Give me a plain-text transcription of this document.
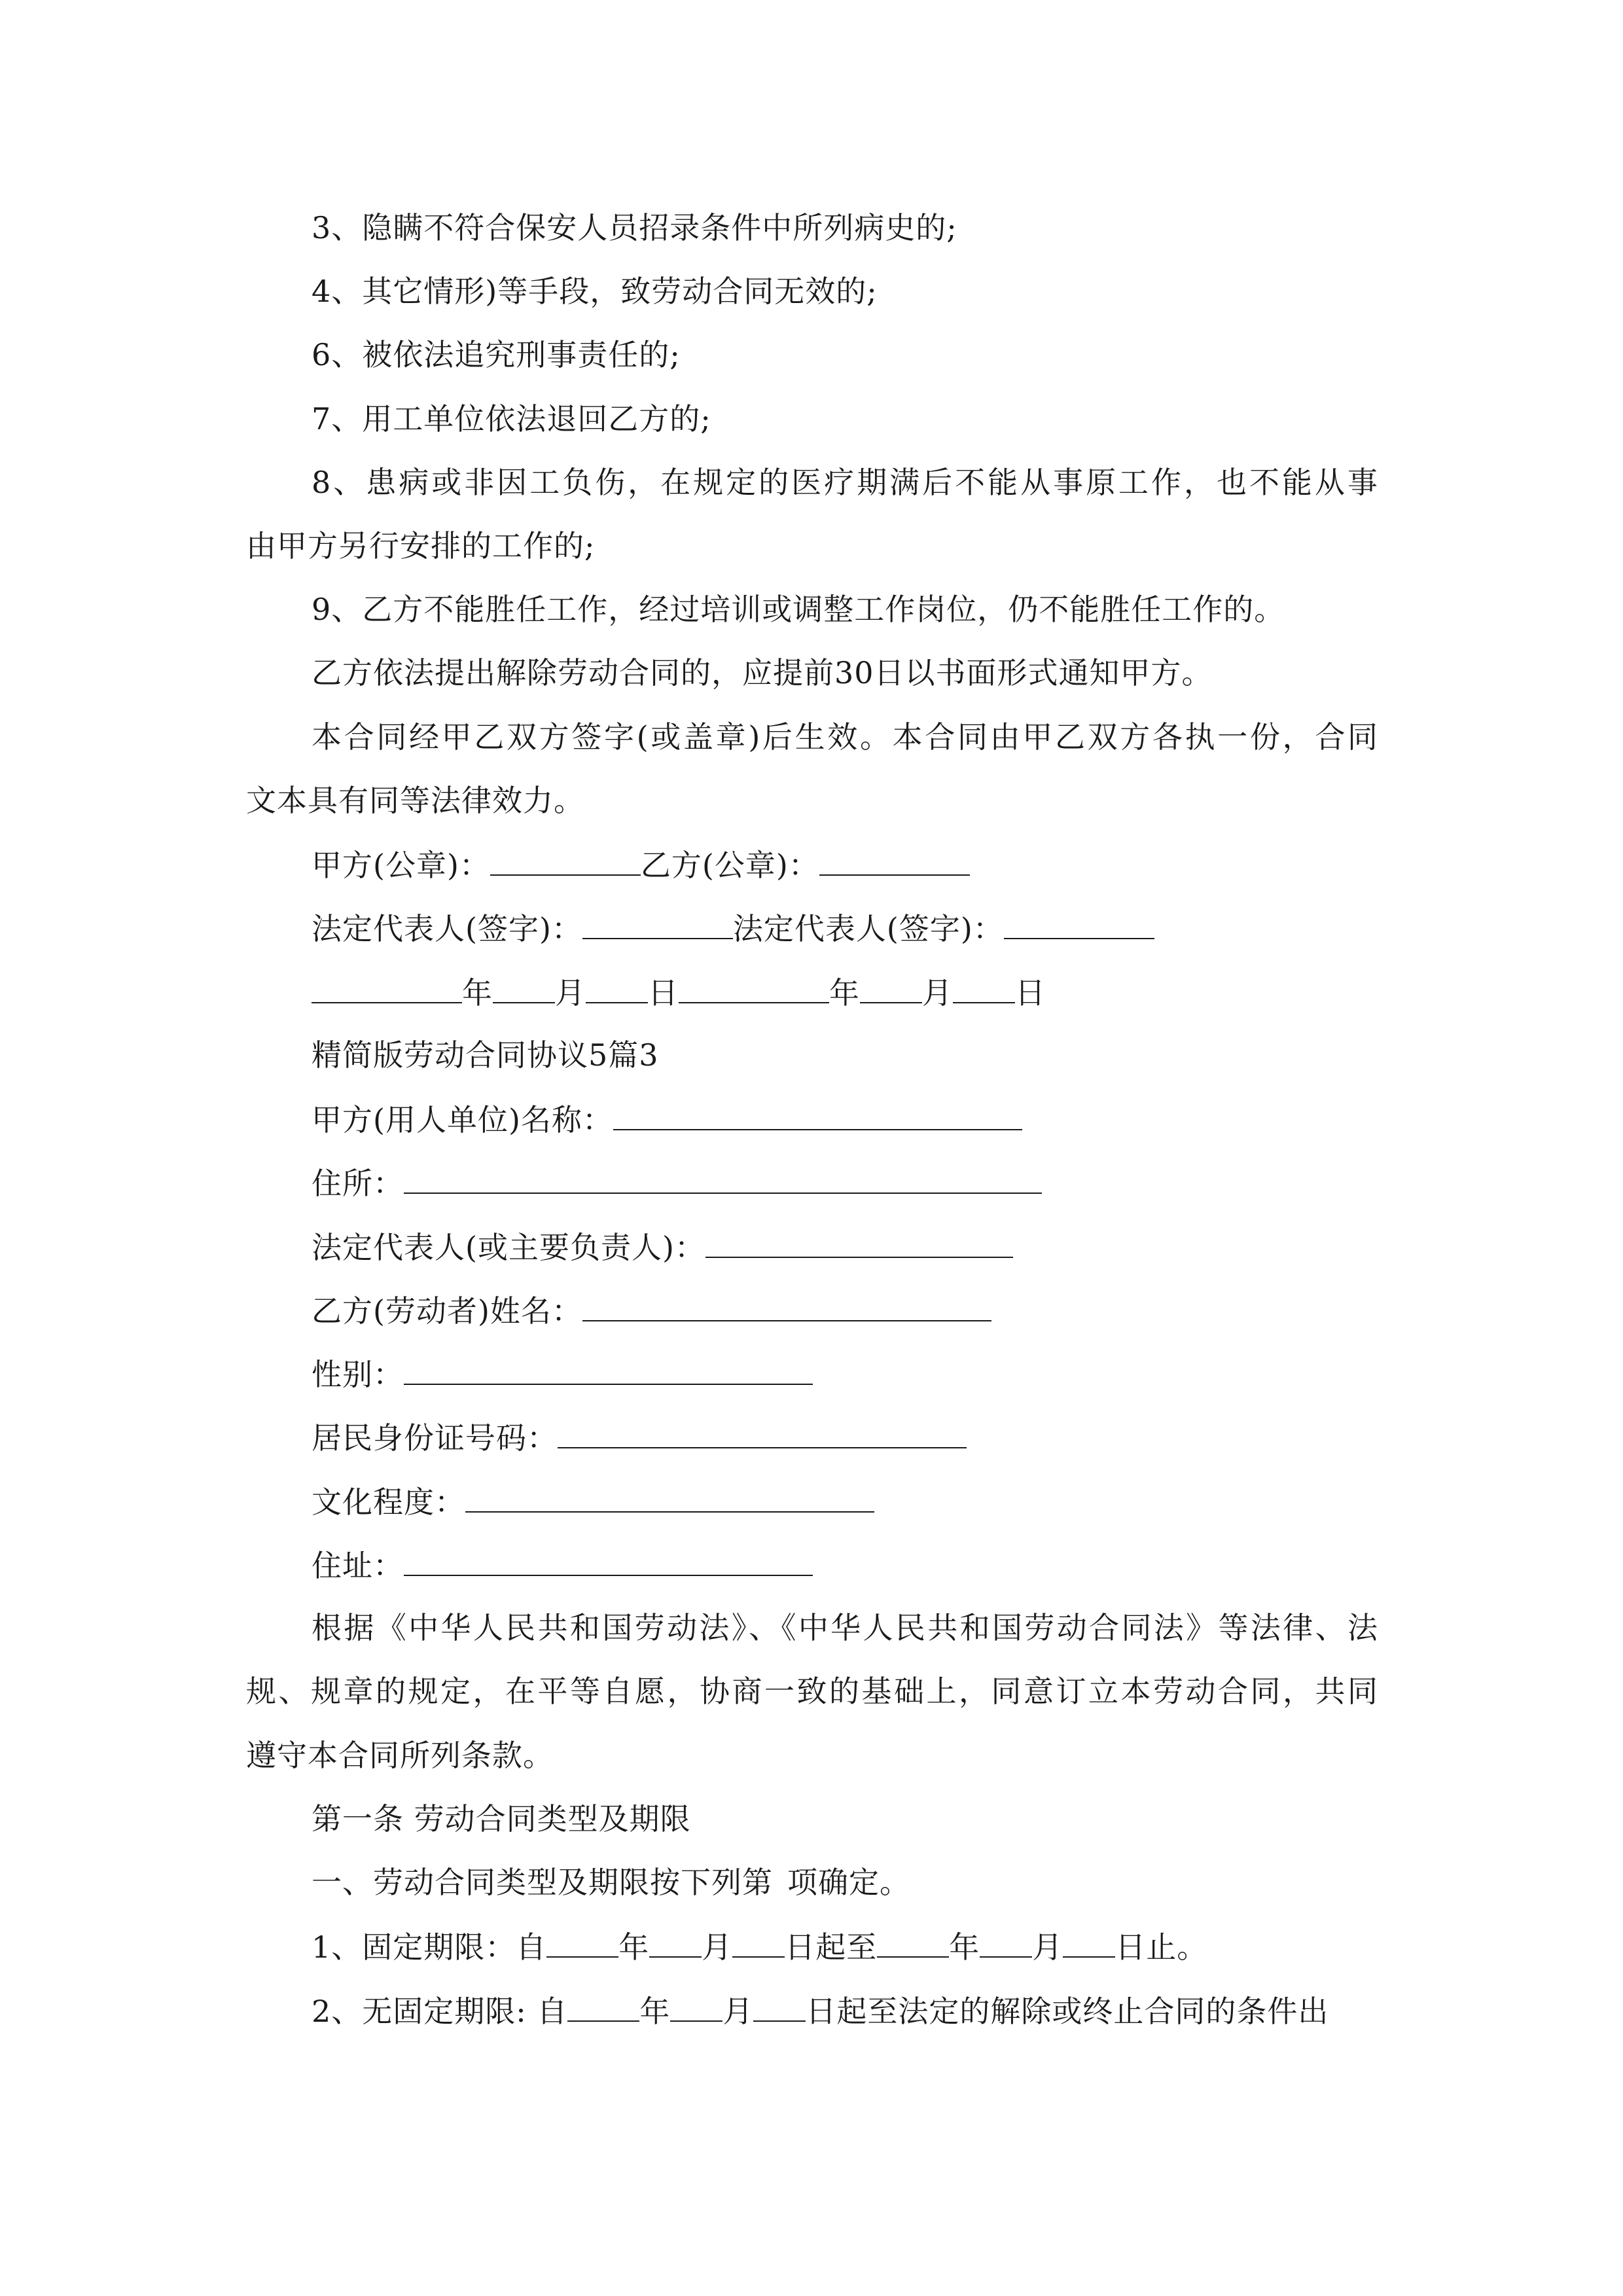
3、隐瞒不符合保安人员招录条件中所列病史的;
4、其它情形)等手段，致劳动合同无效的;
6、被依法追究刑事责任的;
7、用工单位依法退回乙方的;
8、患病或非因工负伤，在规定的医疗期满后不能从事原工作，也不能从事
由甲方另行安排的工作的;
9、乙方不能胜任工作，经过培训或调整工作岗位，仍不能胜任工作的。
乙方依法提出解除劳动合同的，应提前30日以书面形式通知甲方。
本合同经甲乙双方签字(或盖章)后生效。本合同由甲乙双方各执一份，合同
文本具有同等法律效力。
甲方(公章)：	乙方(公章)：
法定代表人(签字)：	法定代表人(签字)：
年 月 日	年 月 日
精简版劳动合同协议5篇3
甲方(用人单位)名称：
住所：
法定代表人(或主要负责人)：
乙方(劳动者)姓名：
性别：
居民身份证号码：
文化程度：
住址：
根据《中华人民共和国劳动法》、《中华人民共和国劳动合同法》等法律、法
规、规章的规定，在平等自愿，协商一致的基础上，同意订立本劳动合同，共同
遵守本合同所列条款。
第一条 劳动合同类型及期限
一、劳动合同类型及期限按下列第 项确定。
1、固定期限：自 年 月 日起至 年 月 日止。
2、无固定期限: 自 年 月 日起至法定的解除或终止合同的条件出
